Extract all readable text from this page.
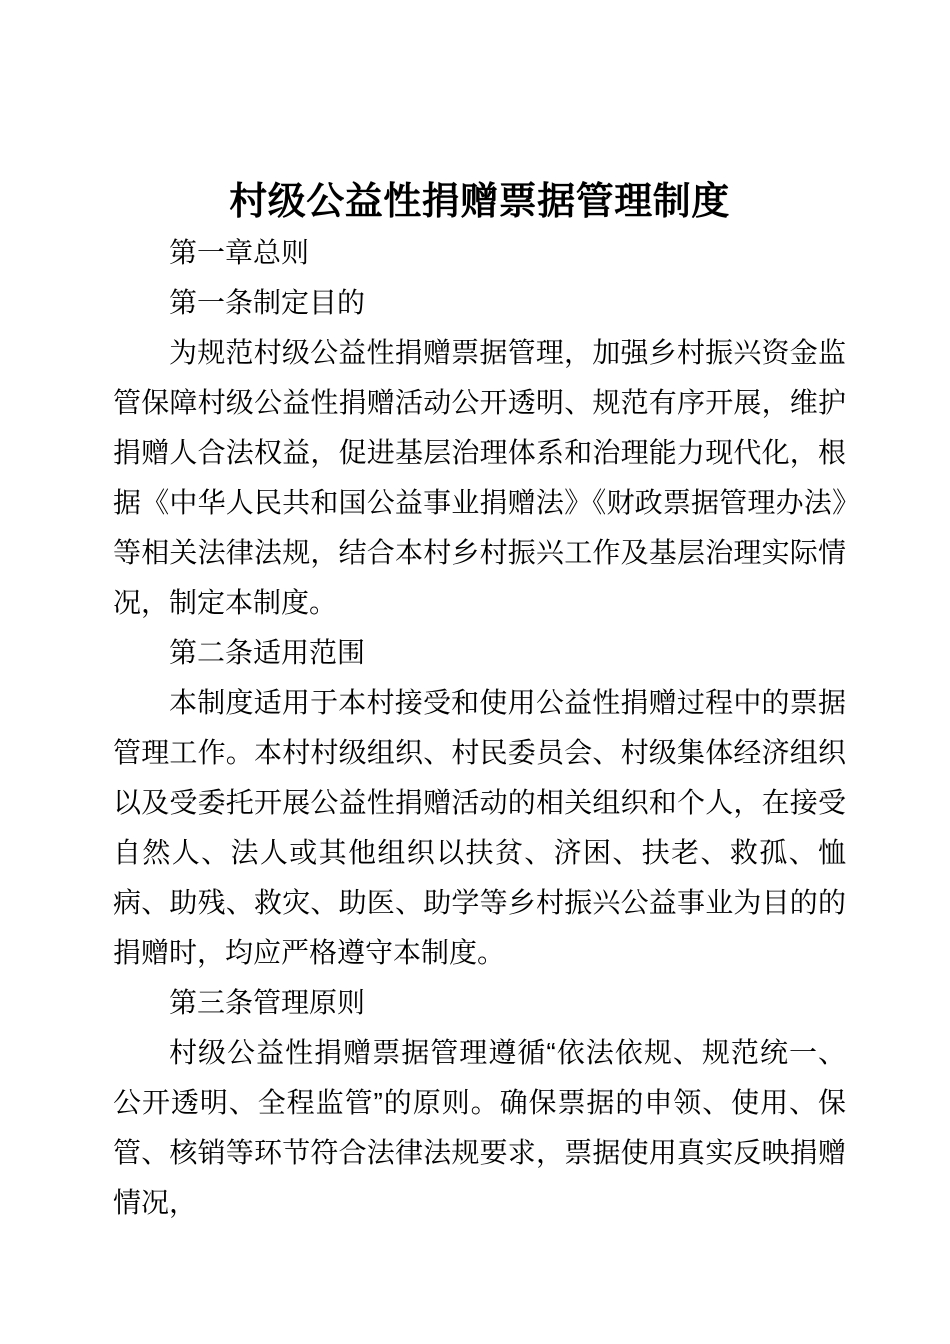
村级公益性捐赠票据管理制度

第一章总则

第一条制定目的

为规范村级公益性捐赠票据管理，加强乡村振兴资金监管保障村级公益性捐赠活动公开透明、规范有序开展，维护捐赠人合法权益，促进基层治理体系和治理能力现代化，根据《中华人民共和国公益事业捐赠法》《财政票据管理办法》等相关法律法规，结合本村乡村振兴工作及基层治理实际情况，制定本制度。

第二条适用范围

本制度适用于本村接受和使用公益性捐赠过程中的票据管理工作。本村村级组织、村民委员会、村级集体经济组织以及受委托开展公益性捐赠活动的相关组织和个人，在接受自然人、法人或其他组织以扶贫、济困、扶老、救孤、恤病、助残、救灾、助医、助学等乡村振兴公益事业为目的的捐赠时，均应严格遵守本制度。

第三条管理原则

村级公益性捐赠票据管理遵循“依法依规、规范统一、公开透明、全程监管”的原则。确保票据的申领、使用、保管、核销等环节符合法律法规要求，票据使用真实反映捐赠情况，
